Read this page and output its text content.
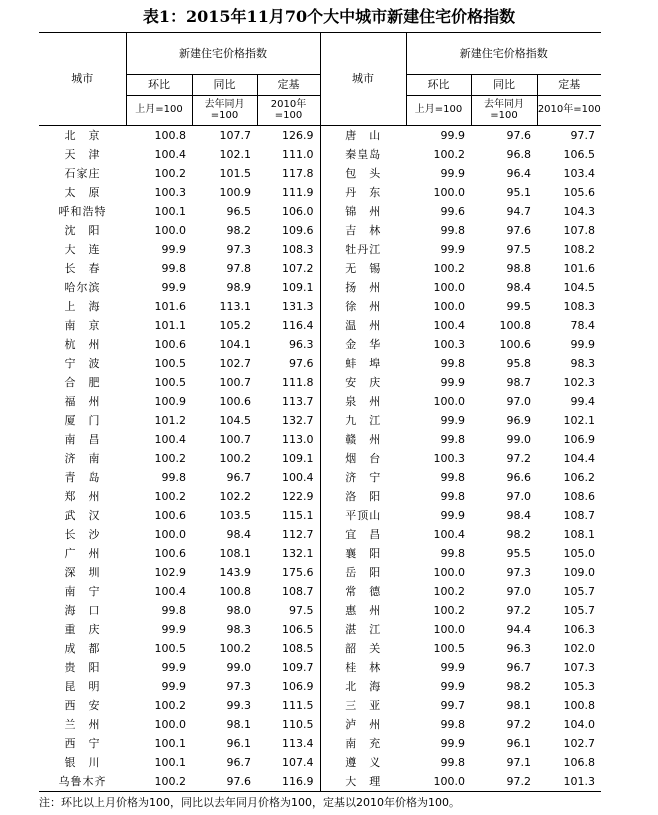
表1：2015年11月70个大中城市新建住宅价格指数
城市	新建住宅价格指数			城市	新建住宅价格指数		
	环比	同比	定基		环比	同比	定基
	上月=100	去年同月=100	2010年=100		上月=100	去年同月=100	2010年=100
北　京	100.8	107.7	126.9	唐　山	99.9	97.6	97.7
天　津	100.4	102.1	111.0	秦皇岛	100.2	96.8	106.5
石家庄	100.2	101.5	117.8	包　头	99.9	96.4	103.4
太　原	100.3	100.9	111.9	丹　东	100.0	95.1	105.6
呼和浩特	100.1	96.5	106.0	锦　州	99.6	94.7	104.3
沈　阳	100.0	98.2	109.6	吉　林	99.8	97.6	107.8
大　连	99.9	97.3	108.3	牡丹江	99.9	97.5	108.2
长　春	99.8	97.8	107.2	无　锡	100.2	98.8	101.6
哈尔滨	99.9	98.9	109.1	扬　州	100.0	98.4	104.5
上　海	101.6	113.1	131.3	徐　州	100.0	99.5	108.3
南　京	101.1	105.2	116.4	温　州	100.4	100.8	78.4
杭　州	100.6	104.1	96.3	金　华	100.3	100.6	99.9
宁　波	100.5	102.7	97.6	蚌　埠	99.8	95.8	98.3
合　肥	100.5	100.7	111.8	安　庆	99.9	98.7	102.3
福　州	100.9	100.6	113.7	泉　州	100.0	97.0	99.4
厦　门	101.2	104.5	132.7	九　江	99.9	96.9	102.1
南　昌	100.4	100.7	113.0	赣　州	99.8	99.0	106.9
济　南	100.2	100.2	109.1	烟　台	100.3	97.2	104.4
青　岛	99.8	96.7	100.4	济　宁	99.8	96.6	106.2
郑　州	100.2	102.2	122.9	洛　阳	99.8	97.0	108.6
武　汉	100.6	103.5	115.1	平顶山	99.9	98.4	108.7
长　沙	100.0	98.4	112.7	宜　昌	100.4	98.2	108.1
广　州	100.6	108.1	132.1	襄　阳	99.8	95.5	105.0
深　圳	102.9	143.9	175.6	岳　阳	100.0	97.3	109.0
南　宁	100.4	100.8	108.7	常　德	100.2	97.0	105.7
海　口	99.8	98.0	97.5	惠　州	100.2	97.2	105.7
重　庆	99.9	98.3	106.5	湛　江	100.0	94.4	106.3
成　都	100.5	100.2	108.5	韶　关	100.5	96.3	102.0
贵　阳	99.9	99.0	109.7	桂　林	99.9	96.7	107.3
昆　明	99.9	97.3	106.9	北　海	99.9	98.2	105.3
西　安	100.2	99.3	111.5	三　亚	99.7	98.1	100.8
兰　州	100.0	98.1	110.5	泸　州	99.8	97.2	104.0
西　宁	100.1	96.1	113.4	南　充	99.9	96.1	102.7
银　川	100.1	96.7	107.4	遵　义	99.8	97.1	106.8
乌鲁木齐	100.2	97.6	116.9	大　理	100.0	97.2	101.3
注：环比以上月价格为100，同比以去年同月价格为100，定基以2010年价格为100。
